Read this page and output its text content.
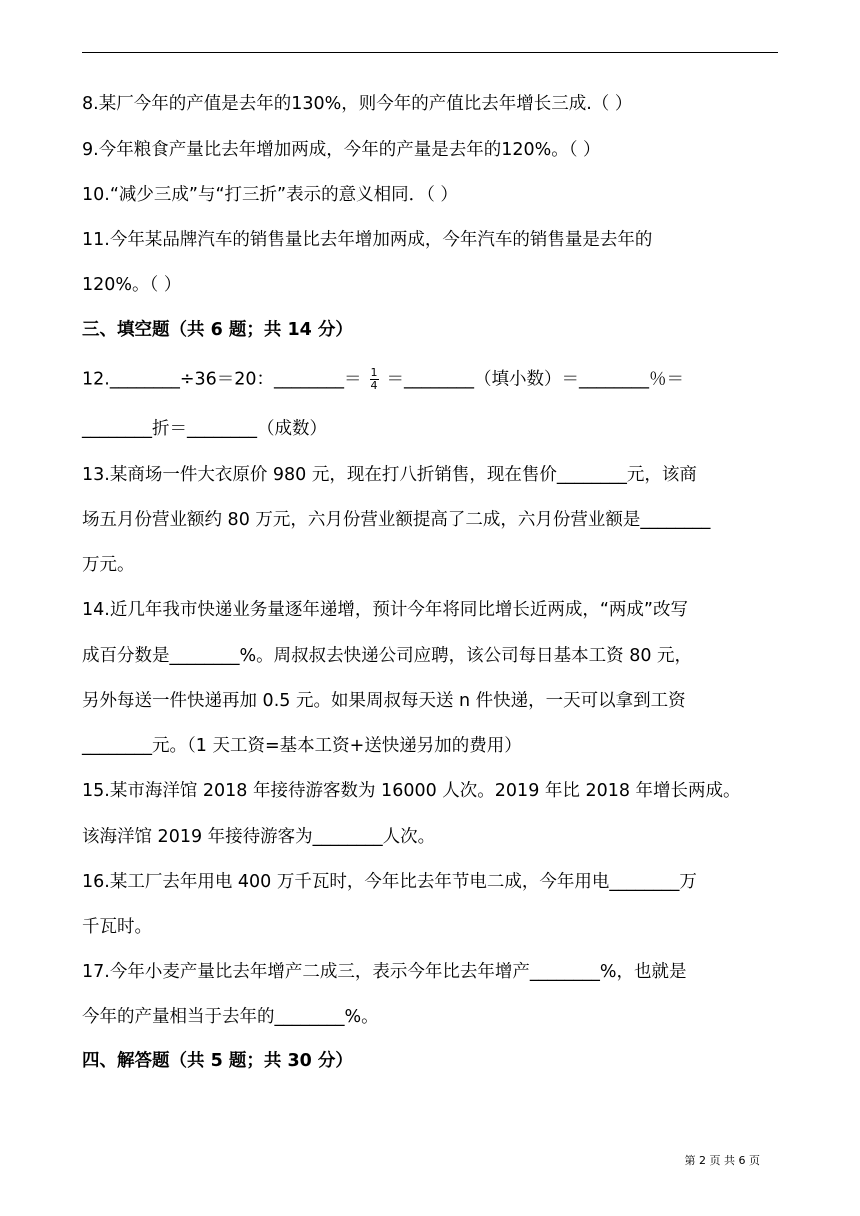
8.某厂今年的产值是去年的130%，则今年的产值比去年增长三成.（ ）
9.今年粮食产量比去年增加两成，今年的产量是去年的120%。（ ）
10.“减少三成”与“打三折”表示的意义相同．（ ）
11.今年某品牌汽车的销售量比去年增加两成，今年汽车的销售量是去年的
120%。（ ）
三、填空题（共 6 题；共 14 分）
12.________÷36＝20：________＝ $\frac{1}{4}$ ＝________（填小数）＝________％＝
________折＝________（成数）
13.某商场一件大衣原价 980 元，现在打八折销售，现在售价________元，该商
场五月份营业额约 80 万元，六月份营业额提高了二成，六月份营业额是________
万元。
14.近几年我市快递业务量逐年递增，预计今年将同比增长近两成，“两成”改写
成百分数是________%。周叔叔去快递公司应聘，该公司每日基本工资 80 元，
另外每送一件快递再加 0.5 元。如果周叔每天送 n 件快递，一天可以拿到工资
________元。（1 天工资=基本工资+送快递另加的费用）
15.某市海洋馆 2018 年接待游客数为 16000 人次。2019 年比 2018 年增长两成。
该海洋馆 2019 年接待游客为________人次。
16.某工厂去年用电 400 万千瓦时，今年比去年节电二成，今年用电________万
千瓦时。
17.今年小麦产量比去年增产二成三，表示今年比去年增产________%，也就是
今年的产量相当于去年的________%。
四、解答题（共 5 题；共 30 分）
第 2 页 共 6 页
